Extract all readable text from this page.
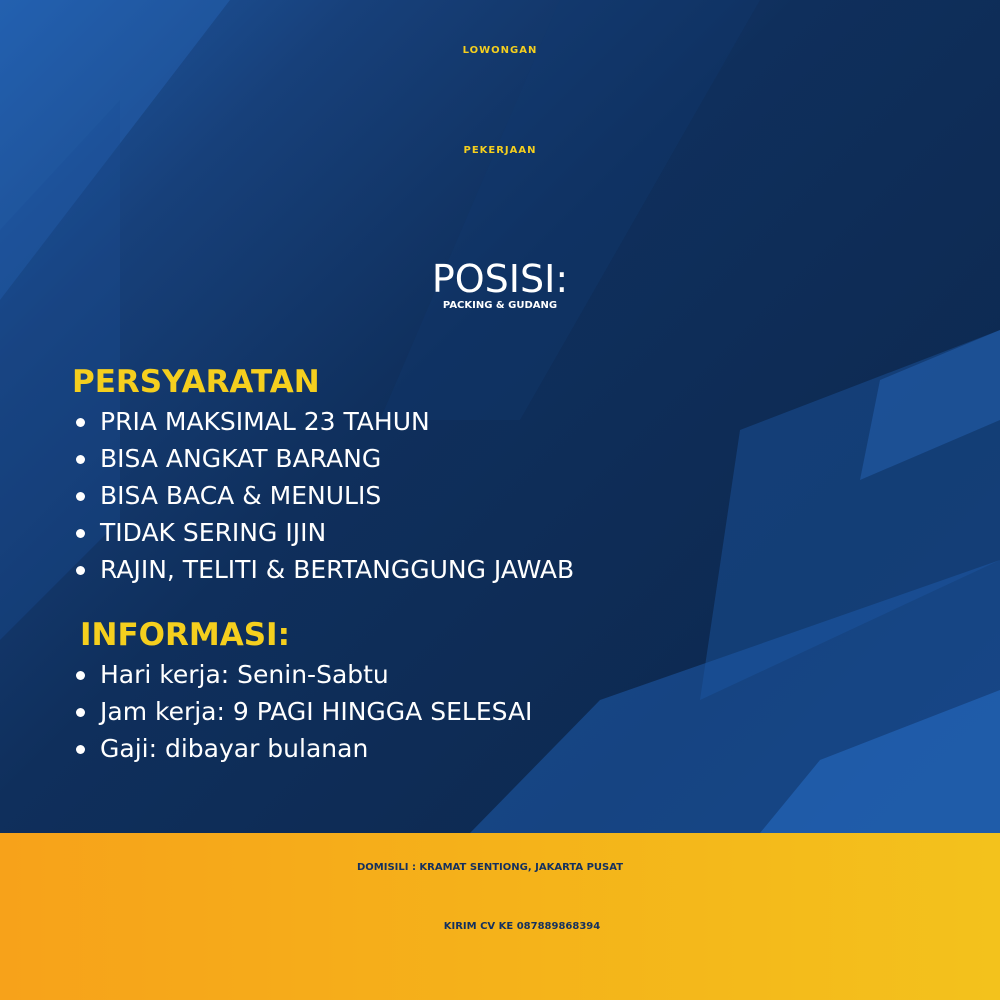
LOWONGAN
PEKERJAAN
POSISI:
PACKING & GUDANG
PERSYARATAN
PRIA MAKSIMAL 23 TAHUN
BISA ANGKAT BARANG
BISA BACA & MENULIS
TIDAK SERING IJIN
RAJIN, TELITI & BERTANGGUNG JAWAB
INFORMASI:
Hari kerja: Senin-Sabtu
Jam kerja: 9 PAGI HINGGA SELESAI
Gaji: dibayar bulanan
DOMISILI : KRAMAT SENTIONG, JAKARTA PUSAT
KIRIM CV KE 087889868394
